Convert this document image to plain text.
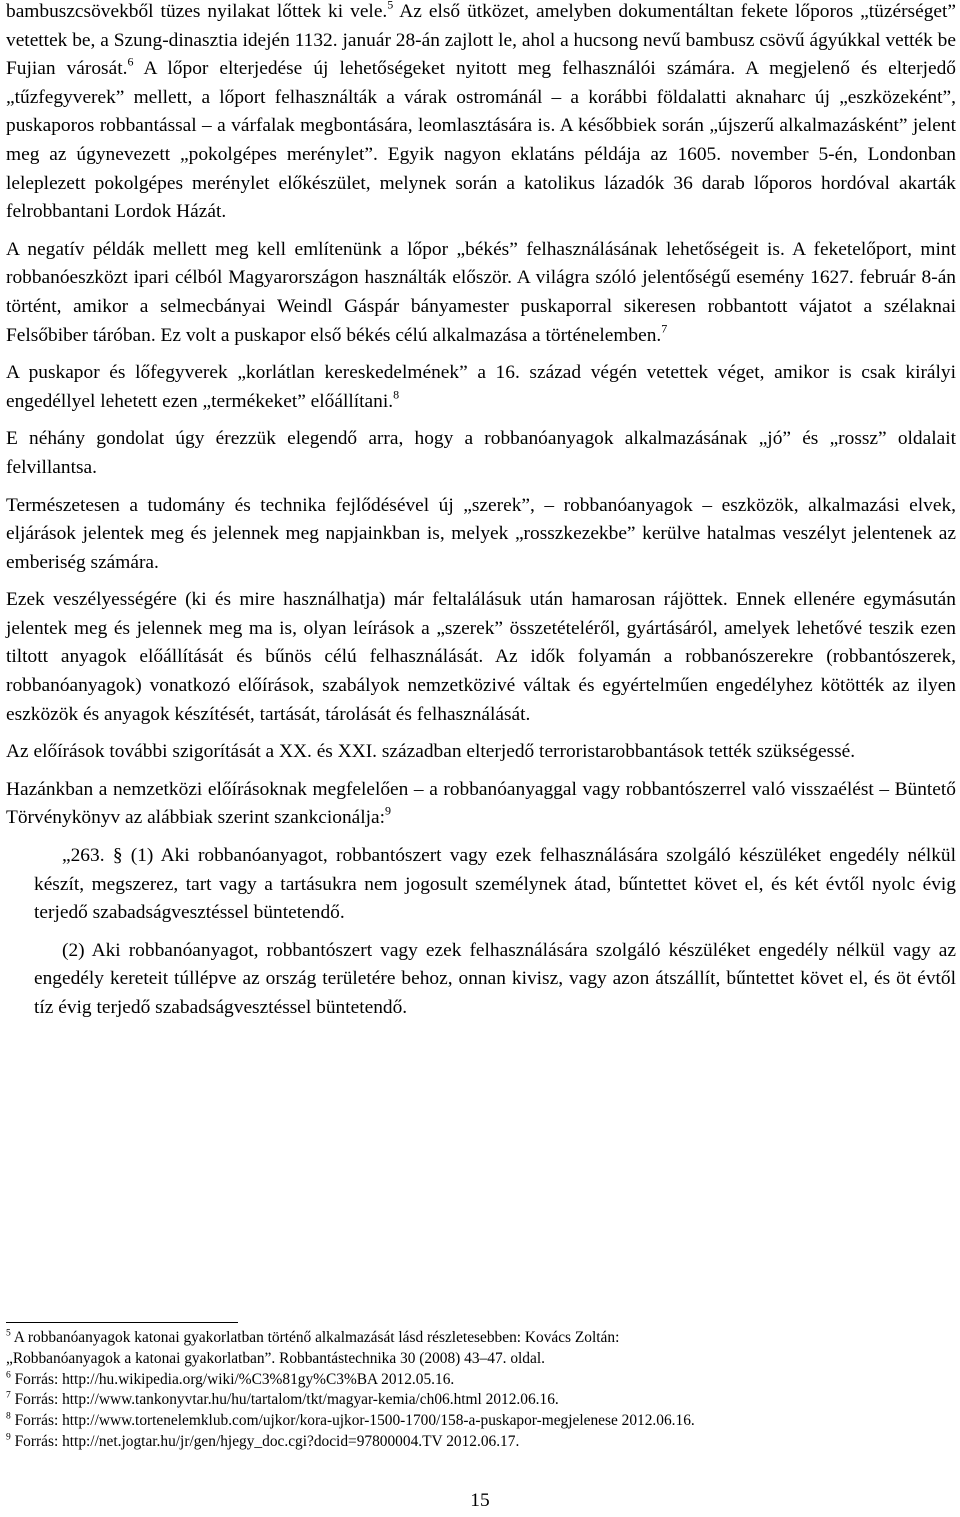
bambuszcsövekből tüzes nyilakat lőttek ki vele.$^5$ Az első ütközet, amelyben dokumentáltan fekete lőporos „tüzérséget” vetettek be, a Szung-dinasztia idején 1132. január 28-án zajlott le, ahol a hucsong nevű bambusz csövű ágyúkkal vették be Fujian városát.$^6$ A lőpor elterjedése új lehetőségeket nyitott meg felhasználói számára. A megjelenő és elterjedő „tűzfegyverek” mellett, a lőport felhasználták a várak ostrománál – a korábbi földalatti aknaharc új „eszközeként”, puskaporos robbantással – a várfalak megbontására, leomlasztására is. A későbbiek során „újszerű alkalmazásként” jelent meg az úgynevezett „pokolgépes merénylet”. Egyik nagyon eklatáns példája az 1605. november 5-én, Londonban leleplezett pokolgépes merénylet előkészület, melynek során a katolikus lázadók 36 darab lőporos hordóval akarták felrobbantani Lordok Házát.

A negatív példák mellett meg kell említenünk a lőpor „békés” felhasználásának lehetőségeit is. A feketelőport, mint robbanóeszközt ipari célból Magyarországon használták először. A világra szóló jelentőségű esemény 1627. február 8-án történt, amikor a selmecbányai Weindl Gáspár bányamester puskaporral sikeresen robbantott vájatot a szélaknai Felsőbiber táróban. Ez volt a puskapor első békés célú alkalmazása a történelemben.$^7$

A puskapor és lőfegyverek „korlátlan kereskedelmének” a 16. század végén vetettek véget, amikor is csak királyi engedéllyel lehetett ezen „termékeket” előállítani.$^8$

E néhány gondolat úgy érezzük elegendő arra, hogy a robbanóanyagok alkalmazásának „jó” és „rossz” oldalait felvillantsa.

Természetesen a tudomány és technika fejlődésével új „szerek”, – robbanóanyagok – eszközök, alkalmazási elvek, eljárások jelentek meg és jelennek meg napjainkban is, melyek „rosszkezekbe” kerülve hatalmas veszélyt jelentenek az emberiség számára.

Ezek veszélyességére (ki és mire használhatja) már feltalálásuk után hamarosan rájöttek. Ennek ellenére egymásután jelentek meg és jelennek meg ma is, olyan leírások a „szerek” összetételéről, gyártásáról, amelyek lehetővé teszik ezen tiltott anyagok előállítását és bűnös célú felhasználását. Az idők folyamán a robbanószerekre (robbantószerek, robbanóanyagok) vonatkozó előírások, szabályok nemzetközivé váltak és egyértelműen engedélyhez kötötték az ilyen eszközök és anyagok készítését, tartását, tárolását és felhasználását.

Az előírások további szigorítását a XX. és XXI. században elterjedő terroristarobbantások tették szükségessé.

Hazánkban a nemzetközi előírásoknak megfelelően – a robbanóanyaggal vagy robbantószerrel való visszaélést – Büntető Törvénykönyv az alábbiak szerint szankcionálja:$^9$

„263. § (1) Aki robbanóanyagot, robbantószert vagy ezek felhasználására szolgáló készüléket engedély nélkül készít, megszerez, tart vagy a tartásukra nem jogosult személynek átad, bűntettet követ el, és két évtől nyolc évig terjedő szabadságvesztéssel büntetendő.

(2) Aki robbanóanyagot, robbantószert vagy ezek felhasználására szolgáló készüléket engedély nélkül vagy az engedély kereteit túllépve az ország területére behoz, onnan kivisz, vagy azon átszállít, bűntettet követ el, és öt évtől tíz évig terjedő szabadságvesztéssel büntetendő.

$^5$ A robbanóanyagok katonai gyakorlatban történő alkalmazását lásd részletesebben: Kovács Zoltán:
„Robbanóanyagok a katonai gyakorlatban”. Robbantástechnika 30 (2008) 43–47. oldal.
$^6$ Forrás: http://hu.wikipedia.org/wiki/%C3%81gy%C3%BA 2012.05.16.
$^7$ Forrás: http://www.tankonyvtar.hu/hu/tartalom/tkt/magyar-kemia/ch06.html 2012.06.16.
$^8$ Forrás: http://www.tortenelemklub.com/ujkor/kora-ujkor-1500-1700/158-a-puskapor-megjelenese 2012.06.16.
$^9$ Forrás: http://net.jogtar.hu/jr/gen/hjegy_doc.cgi?docid=97800004.TV 2012.06.17.
15
